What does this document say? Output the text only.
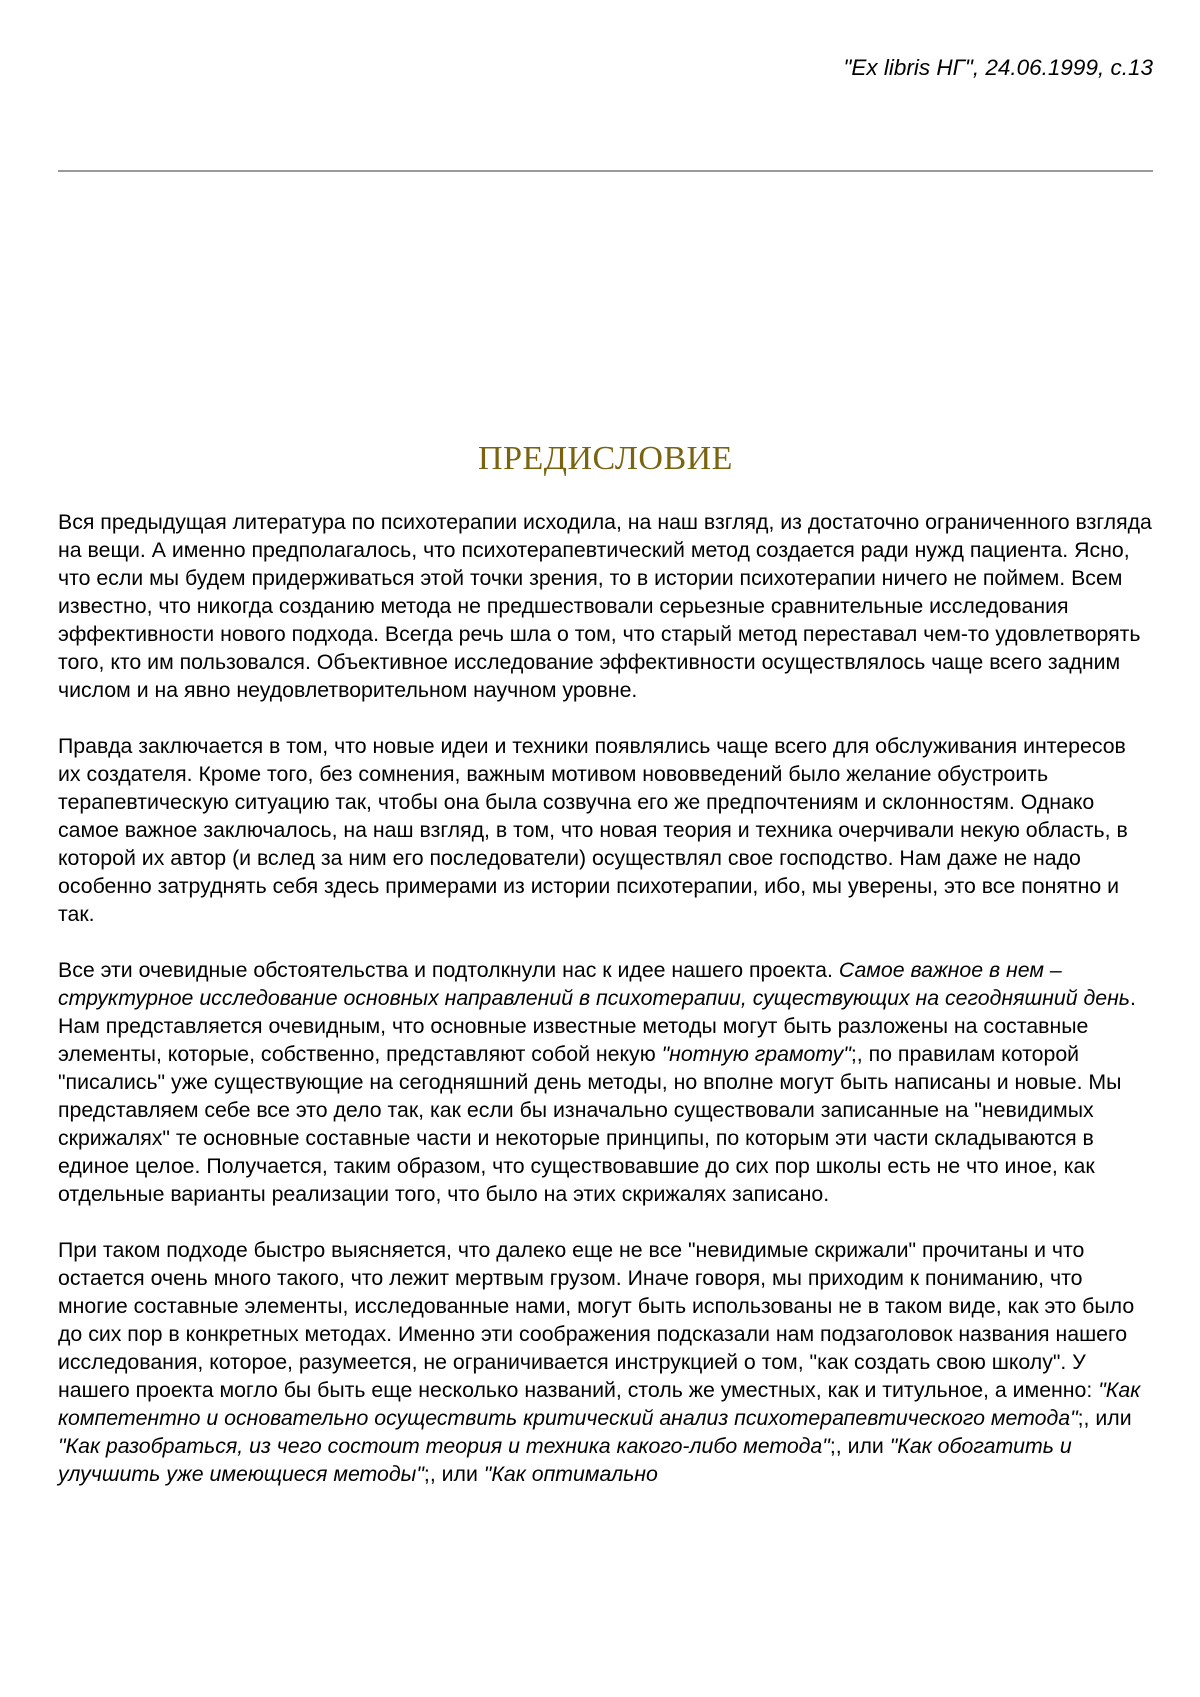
"Ex libris НГ", 24.06.1999, с.13
ПРЕДИСЛОВИЕ

Вся предыдущая литература по психотерапии исходила, на наш взгляд, из достаточно ограниченного взгляда на вещи. А именно предполагалось, что психотерапевтический метод создается ради нужд пациента. Ясно, что если мы будем придерживаться этой точки зрения, то в истории психотерапии ничего не поймем. Всем известно, что никогда созданию метода не предшествовали серьезные сравнительные исследования эффективности нового подхода. Всегда речь шла о том, что старый метод переставал чем-то удовлетворять того, кто им пользовался. Объективное исследование эффективности осуществлялось чаще всего задним числом и на явно неудовлетворительном научном уровне.

Правда заключается в том, что новые идеи и техники появлялись чаще всего для обслуживания интересов их создателя. Кроме того, без сомнения, важным мотивом нововведений было желание обустроить терапевтическую ситуацию так, чтобы она была созвучна его же предпочтениям и склонностям. Однако самое важное заключалось, на наш взгляд, в том, что новая теория и техника очерчивали некую область, в которой их автор (и вслед за ним его последователи) осуществлял свое господство. Нам даже не надо особенно затруднять себя здесь примерами из истории психотерапии, ибо, мы уверены, это все понятно и так.

Все эти очевидные обстоятельства и подтолкнули нас к идее нашего проекта. Самое важное в нем – структурное исследование основных направлений в психотерапии, существующих на сегодняшний день. Нам представляется очевидным, что основные известные методы могут быть разложены на составные элементы, которые, собственно, представляют собой некую "нотную грамоту";, по правилам которой "писались" уже существующие на сегодняшний день методы, но вполне могут быть написаны и новые. Мы представляем себе все это дело так, как если бы изначально существовали записанные на "невидимых скрижалях" те основные составные части и некоторые принципы, по которым эти части складываются в единое целое. Получается, таким образом, что существовавшие до сих пор школы есть не что иное, как отдельные варианты реализации того, что было на этих скрижалях записано.

При таком подходе быстро выясняется, что далеко еще не все "невидимые скрижали" прочитаны и что остается очень много такого, что лежит мертвым грузом. Иначе говоря, мы приходим к пониманию, что многие составные элементы, исследованные нами, могут быть использованы не в таком виде, как это было до сих пор в конкретных методах. Именно эти соображения подсказали нам подзаголовок названия нашего исследования, которое, разумеется, не ограничивается инструкцией о том, "как создать свою школу". У нашего проекта могло бы быть еще несколько названий, столь же уместных, как и титульное, а именно: "Как компетентно и основательно осуществить критический анализ психотерапевтического метода";, или "Как разобраться, из чего состоит теория и техника какого-либо метода";, или "Как обогатить и улучшить уже имеющиеся методы";, или "Как оптимально
